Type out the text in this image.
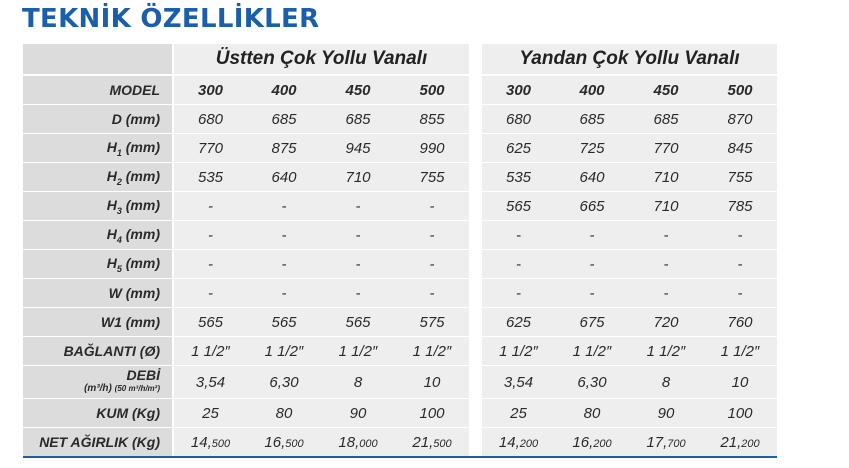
TEKNİK ÖZELLİKLER
	Üstten Çok Yollu Vanalı					Yandan Çok Yollu Vanalı			
MODEL	300	400	450	500		300	400	450	500
D (mm)	680	685	685	855		680	685	685	870
$H_1$ (mm)	770	875	945	990		625	725	770	845
$H_2$ (mm)	535	640	710	755		535	640	710	755
$H_3$ (mm)	-	-	-	-		565	665	710	785
$H_4$ (mm)	-	-	-	-		-	-	-	-
$H_5$ (mm)	-	-	-	-		-	-	-	-
W (mm)	-	-	-	-		-	-	-	-
W1 (mm)	565	565	565	575		625	675	720	760
BAĞLANTI (Ø)	1 1/2″	1 1/2″	1 1/2″	1 1/2″		1 1/2″	1 1/2″	1 1/2″	1 1/2″

DEBİ
(m³/h) (50 m³/h/m²)	3,54	6,30	8	10		3,54	6,30	8	10
KUM (Kg)	25	80	90	100		25	80	90	100
NET AĞIRLIK (Kg)	14,500	16,500	18,000	21,500		14,200	16,200	17,700	21,200
